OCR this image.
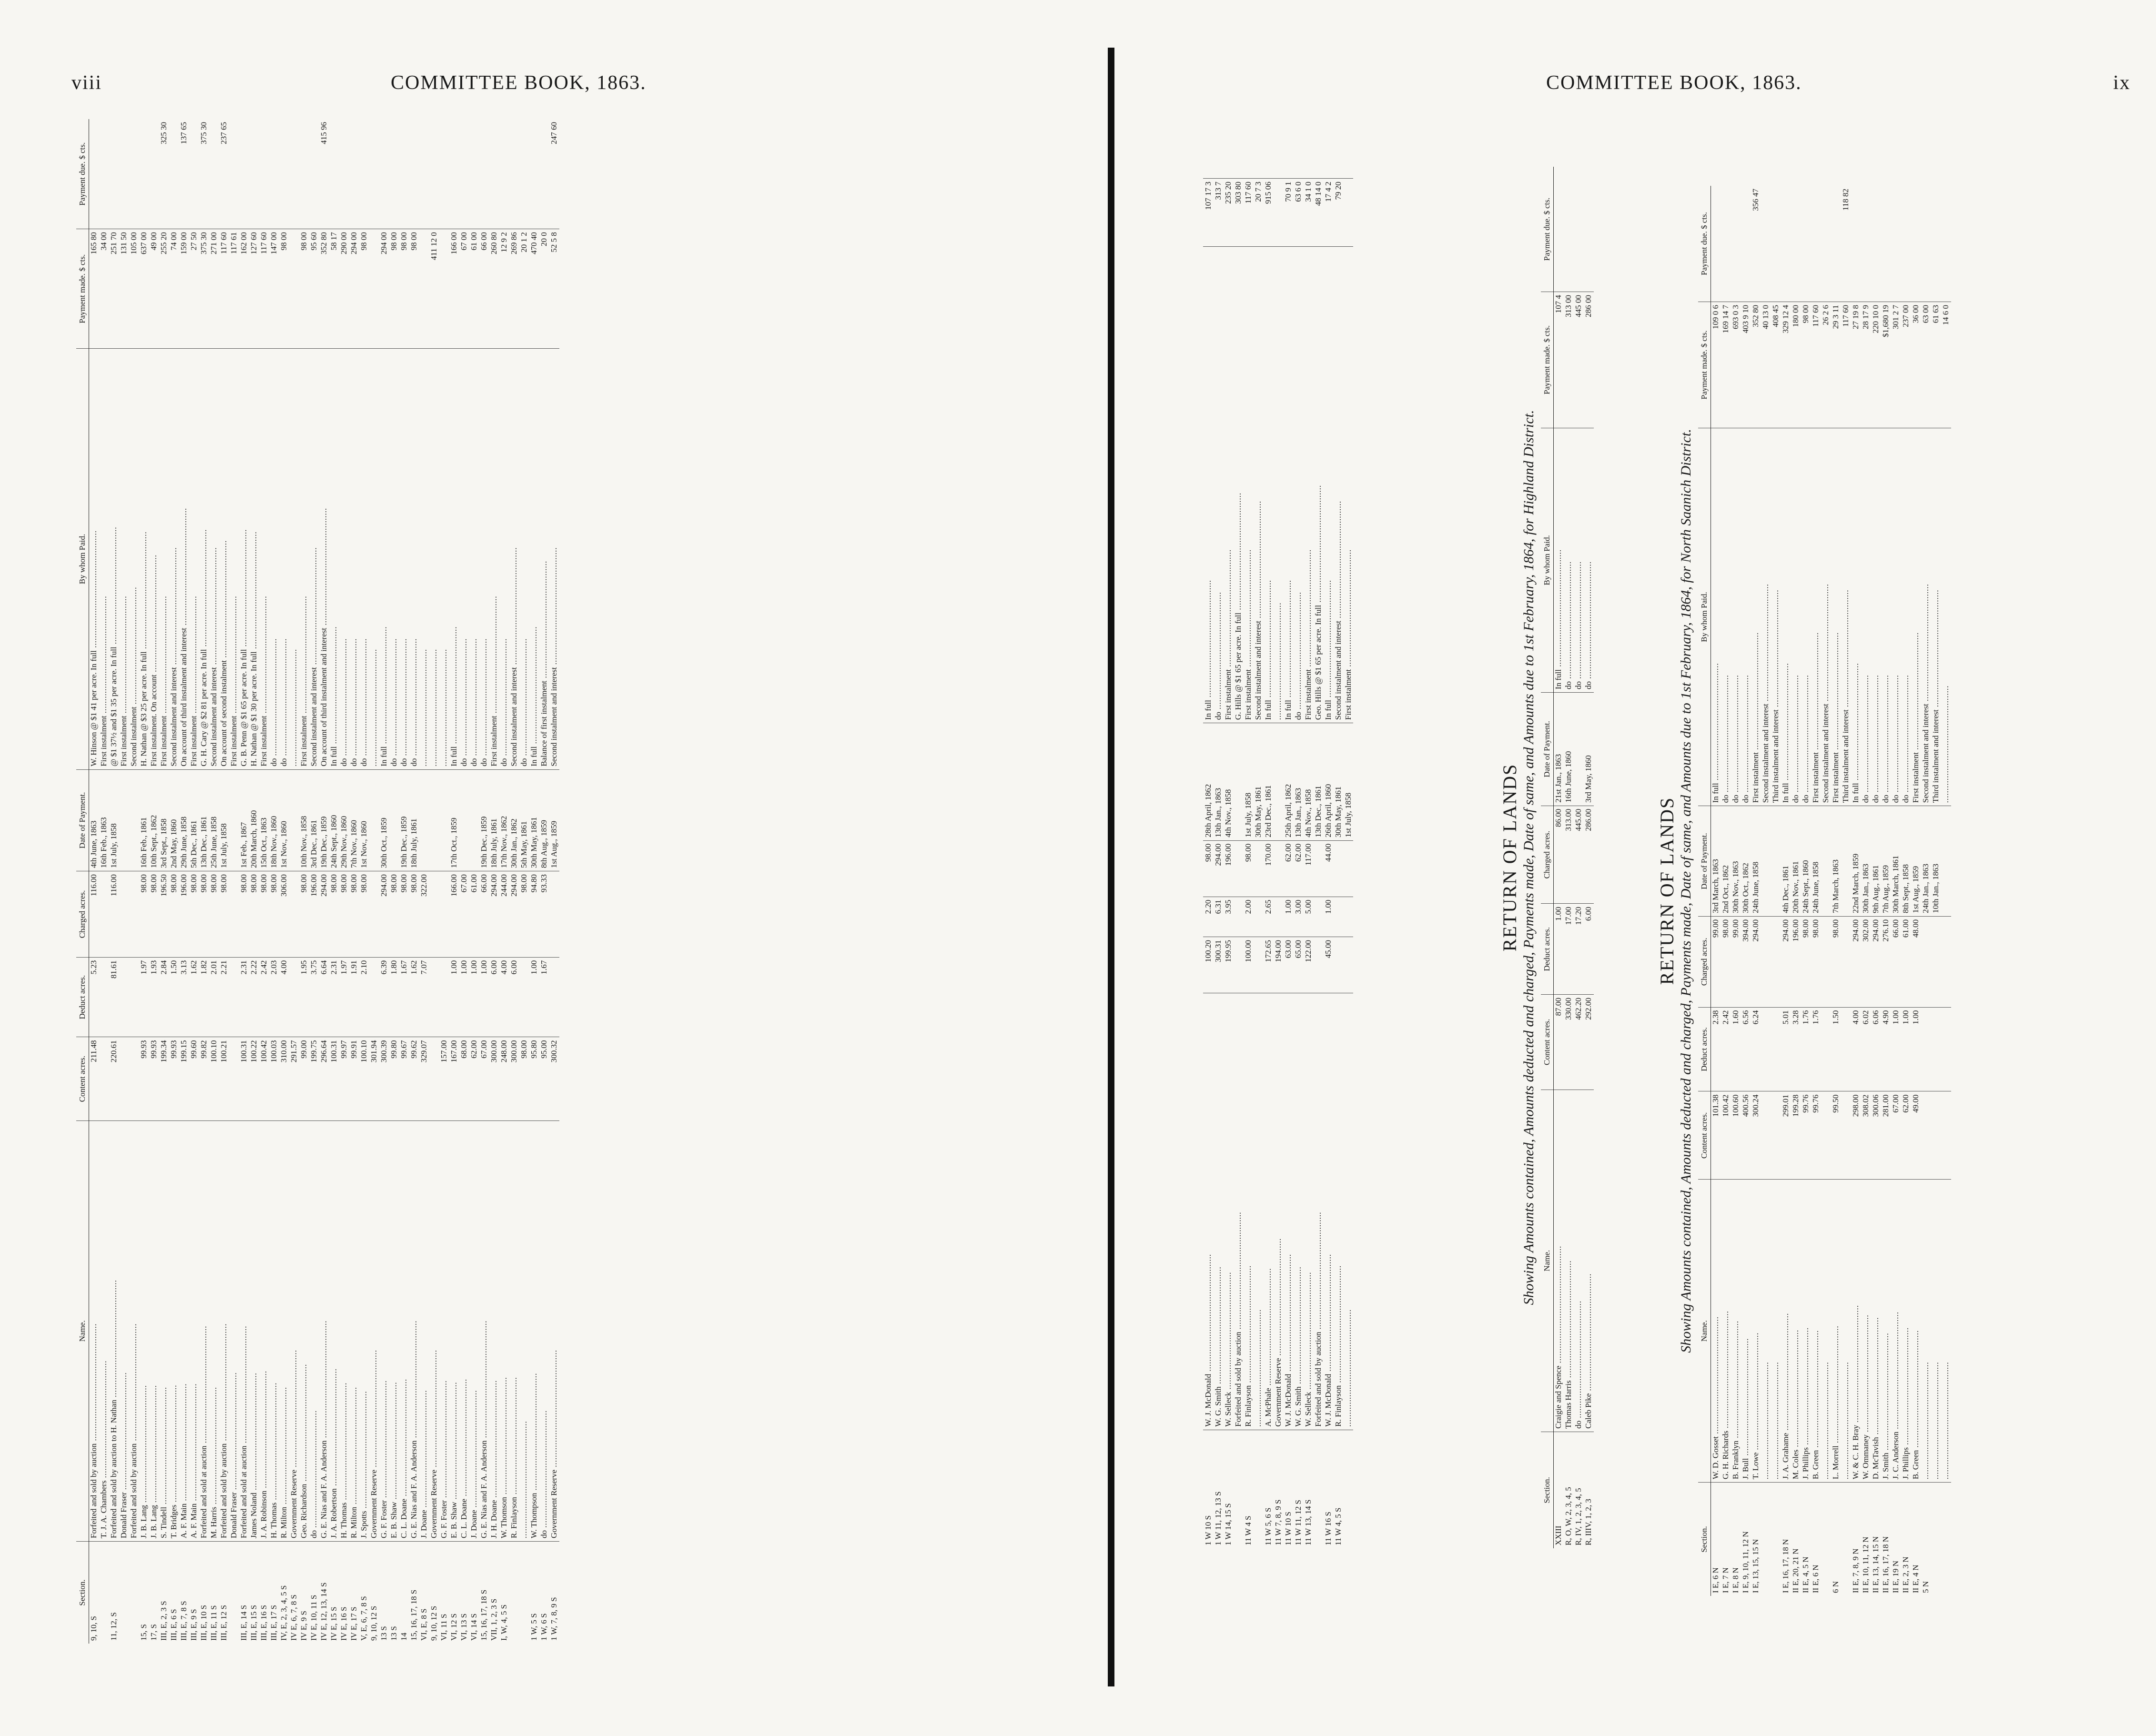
viii	COMMITTEE BOOK, 1863.
Section.	Name.	Content acres.	Deduct acres.	Charged acres.	Date of Payment.	By whom Paid.	Payment made. $ cts.	Payment due. $ cts.
9, 10, S	Forfeited and sold by auction .....	211.48	5.23	116.00	4th June, 1863	W. Hinson @ $1 41 per acre. In full .....	165 80	
	T. J. A. Chambers .....				16th Feb., 1863	First instalment .....	34 00	
11, 12, S	Forfeited and sold by auction to H. Nathan .....	220.61	81.61	116.00	1st July, 1858	@ $1 37½ and $1 35 per acre. In full .....	251 70	
	Donald Fraser .....					First instalment .....	131 50	
	Forfeited and sold by auction .....					Second instalment .....	105 00	
15, S	J. B. Lang .....	99.93	1.97	98.00	16th Feb., 1861	H. Nathan @ $3 25 per acre. In full .....	637 00	
17, S	J. B. Lang .....	99.93	1.93	98.00	10th Sept., 1862	First instalment. On account .....	49 00	
III, E, 2, 3 S	S. Tindell .....	199.34	2.84	196.50	3rd Sept., 1858	First instalment .....	255 20	325 30
III, E, 6 S	T. Bridges .....	99.93	1.50	98.00	2nd May, 1860	Second instalment and interest .....	74 00	
III, E, 7, 8 S	A. F. Main .....	199.15	3.13	196.00	29th June, 1858	On account of third instalment and interest .....	159 00	137 65
III, E, 9 S	A. F. Main .....	99.60	1.62	98.00	5th Dec., 1861	First instalment .....	27 50	
III, E, 10 S	Forfeited and sold at auction .....	99.82	1.82	98.00	13th Dec., 1861	G. H. Cary @ $2 81 per acre. In full .....	375 30	375 30
III, E, 11 S	M. Harris .....	100.10	2.01	98.00	25th June, 1858	Second instalment and interest .....	271 00	
III, E, 12 S	Forfeited and sold by auction .....	100.21	2.21	98.00	1st July, 1858	On account of second instalment .....	117 60	237 65
	Donald Fraser .....					First instalment .....	117 61	
III, E, 14 S	Forfeited and sold at auction .....	100.31	2.31	98.00	1st Feb., 1867	G. B. Penn @ $1 65 per acre. In full .....	162 00	
III, E, 15 S	James Noland .....	100.22	2.22	98.00	20th March, 1860	H. Nathan @ $1 30 per acre. In full .....	127 60	
III, E, 16 S	J. A. Robinson .....	100.42	2.42	98.00	15th Oct., 1863	First instalment .....	117 60	
III, E, 17 S	H. Thomas .....	100.03	2.03	98.00	18th Nov., 1860	do .....	147 00	
IV, E, 2, 3, 4, 5 S	R. Milton .....	310.00	4.00	306.00	1st Nov., 1860	do .....	98 00	
IV E, 6, 7, 8 S	Government Reserve .....	291.57				.....		
IV E, 9 S	Geo. Richardson .....	99.00	1.95	98.00	10th Nov., 1858	First instalment .....	98 00	
IV E, 10, 11 S	do .....	199.75	3.75	196.00	3rd Dec., 1861	Second instalment and interest .....	95 60	
IV E, 12, 13, 14 S	G. E. Nias and F. A. Anderson .....	296.64	6.64	294.00	19th Dec., 1859	On account of third instalment and interest .....	352 80	415 96
IV E, 15 S	J. A. Robertson .....	100.31	2.31	98.00	24th Sept., 1860	In full .....	58 17	
IV E, 16 S	H. Thomas .....	99.97	1.97	98.00	29th Nov., 1860	do .....	290 00	
IV E, 17 S	R. Milton .....	99.91	1.91	98.00	7th Nov., 1860	do .....	294 00	
V, E, 6, 7, 8 S	J. Spotts .....	100.10	2.10	98.00	1st Nov., 1860	do .....	98 00	
9, 10, 12 S	Government Reserve .....	301.94				.....		
13 S	G. F. Foster .....	300.39	6.39	294.00	30th Oct., 1859	In full .....	294 00	
13 S	E. B. Shaw .....	99.80	1.80	98.00		do .....	98 00	
14	C. L. Doane .....	99.67	1.67	98.00	19th Dec., 1859	do .....	98 00	
15, 16, 17, 18 S	G. E. Nias and F. A. Anderson .....	99.62	1.62	98.00	18th July, 1861	do .....	98 00	
VI, E, 8 S	J. Doane .....	329.07	7.07	322.00		.....		
9, 10, 12 S	Government Reserve .....					.....	411 12 0	
VI, 11 S	G. F. Foster .....	157.00				.....		
VI, 12 S	E. B. Shaw .....	167.00	1.00	166.00	17th Oct., 1859	In full .....	166 00	
VI, 13 S	C. L. Doane .....	68.00	1.00	67.00		do .....	67 00	
VI, 14 S	J. Doane .....	62.00	1.00	61.00		do .....	61 00	
15, 16, 17, 18 S	G. E. Nias and F. A. Anderson .....	67.00	1.00	66.00	19th Dec., 1859	do .....	66 00	
VII, 1, 2, 3 S	J. H. Doane .....	300.00	6.00	294.00	18th July, 1861	First instalment .....	260 80	
I, W, 4, 5 S	W. Thomson .....	248.00	4.00	244.00	17th Nov., 1862	do .....	12 9 2	
	R. Finlayson .....	300.00	6.00	294.00	30th Jan., 1862	Second instalment and interest .....	269 86	
	.....	98.00		98.00	5th May, 1861	do .....	20 1 2	
1 W, 5 S	W. Thompson .....	95.80	1.00	94.80	30th May, 1861	In full .....	470 40	
1 W, 6 S	do .....	95.00	1.67	93.33	8th Aug., 1859	Balance of first instalment .....	20 0	
1 W, 7, 8, 9 S	Government Reserve .....	300.32			1st Aug., 1859	Second instalment and interest .....	52 5 8	247 60
COMMITTEE BOOK, 1863.	ix
1 W 10 S	W. J. McDonald .....	100.20	2.20	98.00	28th April, 1862	In full .....	107 17 3	
1 W 11, 12, 13 S	W. G. Smith .....	300.31	6.31	294.00	13th Jan., 1863	do .....	313 7	
1 W 14, 15 S	W. Selleck .....	199.95	3.95	196.00	4th Nov., 1858	First instalment .....	235 20	
	Forfeited and sold by auction .....					G. Hills @ $1 65 per acre. In full .....	303 80	
11 W 4 S	R. Finlayson .....	100.00	2.00	98.00	1st July, 1858	First instalment .....	117 60	
	.....				30th May, 1861	Second instalment and interest .....	20 7 3	
11 W 5, 6 S	A. McPhale .....	172.65	2.65	170.00	23rd Dec., 1861	In full .....	915 06	
11 W 7, 8, 9 S	Government Reserve .....	194.00				.....		
11 W 10 S	W. J. McDonald .....	63.00	1.00	62.00	25th April, 1862	In full .....	70 9 1	
11 W 11, 12 S	W. G. Smith .....	65.00	3.00	62.00	13th Jan., 1863	do .....	63 6 0	
11 W 13, 14 S	W. Selleck .....	122.00	5.00	117.00	4th Nov., 1858	First instalment .....	34 1 0	
	Forfeited and sold by auction .....				13th Dec., 1861	Geo. Hills @ $1 65 per acre. In full .....	48 14 0	
11 W 16 S	W. J. McDonald .....	45.00	1.00	44.00	26th April, 1860	In full .....	17 4 2	
11 W 4, 5 S	R. Finlayson .....				30th May, 1861	Second instalment and interest .....	79 20	
	.....				1st July, 1858	First instalment .....		
RETURN OF LANDS Showing Amounts contained, Amounts deducted and charged, Payments made, Date of same, and Amounts due to 1st February, 1864, for Highland District.
Section.	Name.	Content acres.	Deduct acres.	Charged acres.	Date of Payment.	By whom Paid.	Payment made. $ cts.	Payment due. $ cts.
XXIII	Craigie and Spence .....	87.00	1.00	86.00	21st Jan., 1863	In full .....	107 4	
R, O, W, 2, 3, 4, 5	Thomas Harris .....	330.00	17.00	313.00	16th June, 1860	do .....	313 00	
R, IV, 1, 2, 3, 4, 5	do .....	462.20	17.20	445.00		do .....	445 00	
R, IIIV, 1, 2, 3	Caleb Pike .....	292.00	6.00	286.00	3rd May, 1860	do .....	286 00	
RETURN OF LANDS Showing Amounts contained, Amounts deducted and charged, Payments made, Date of same, and Amounts due to 1st February, 1864, for North Saanich District.
Section.	Name.	Content acres.	Deduct acres.	Charged acres.	Date of Payment.	By whom Paid.	Payment made. $ cts.	Payment due. $ cts.
I E, 6 N	W. D. Gosset .....	101.38	2.38	99.00	3rd March, 1863	In full .....	109 0 6	
I E, 7 N	G. H. Richards .....	100.42	2.42	98.00	2nd Oct., 1862	do .....	169 14 7	
I E, 8 N	B. Franklyn .....	100.60	1.60	99.00	30th Nov., 1863	do .....	693 0 3	
I E, 9, 10, 11, 12 N	J. Bull .....	400.56	6.56	394.00	30th Oct., 1862	do .....	403 9 10	
I E, 13, 15, 15 N	T. Lowe .....	300.24	6.24	294.00	24th June, 1858	First instalment .....	352 80	356 47
	.....					Second instalment and interest .....	40 13 0	
	.....					Third instalment and interest .....	408 45	
I E, 16, 17, 18 N	J. A. Grahame .....	299.01	5.01	294.00	4th Dec., 1861	In full .....	329 12 4	
II E, 20, 21 N	M. Coles .....	199.28	3.28	196.00	20th Nov., 1861	do .....	180 00	
II E, 4, 5 N	J. Phillips .....	99.76	1.76	98.00	24th Sept., 1860	do .....	98 00	
II E, 6 N	B. Green .....	99.76	1.76	98.00	24th June, 1858	First instalment .....	117 60	
	.....					Second instalment and interest .....	26 2 6	
6 N	L. Morrell .....	99.50	1.50	98.00	7th March, 1863	First instalment .....	29 3 11	
	.....					Third instalment and interest .....	117 60	118 82
II E, 7, 8, 9 N	W. & C. H. Bray .....	298.00	4.00	294.00	22nd March, 1859	In full .....	27 19 8	
II E, 10, 11, 12 N	W. Ommaney .....	308.02	6.02	302.00	30th Jan., 1863	do .....	28 17 9	
II E, 13, 14, 15 N	D. McTavish .....	300.06	6.06	294.00	9th Aug., 1861	do .....	220 10 0	
II E, 16, 17, 18 N	J. Smith .....	281.00	4.90	276.10	7th Aug., 1859	do .....	$1,680 19	
II E, 19 N	J. C. Anderson .....	67.00	1.00	66.00	30th March, 1861	do .....	301 2 7	
II E, 2, 3 N	J. Phillips .....	62.00	1.00	61.00	8th Sept., 1858	do .....	237 00	
II E, 4 N	B. Green .....	49.00	1.00	48.00	1st Aug., 1859	First instalment .....	36 00	
5 N	.....				24th Jan., 1863	Second instalment and interest .....	63 00	
	.....				10th Jan., 1863	Third instalment and interest .....	61 63	
	.....					.....	14 6 0	
